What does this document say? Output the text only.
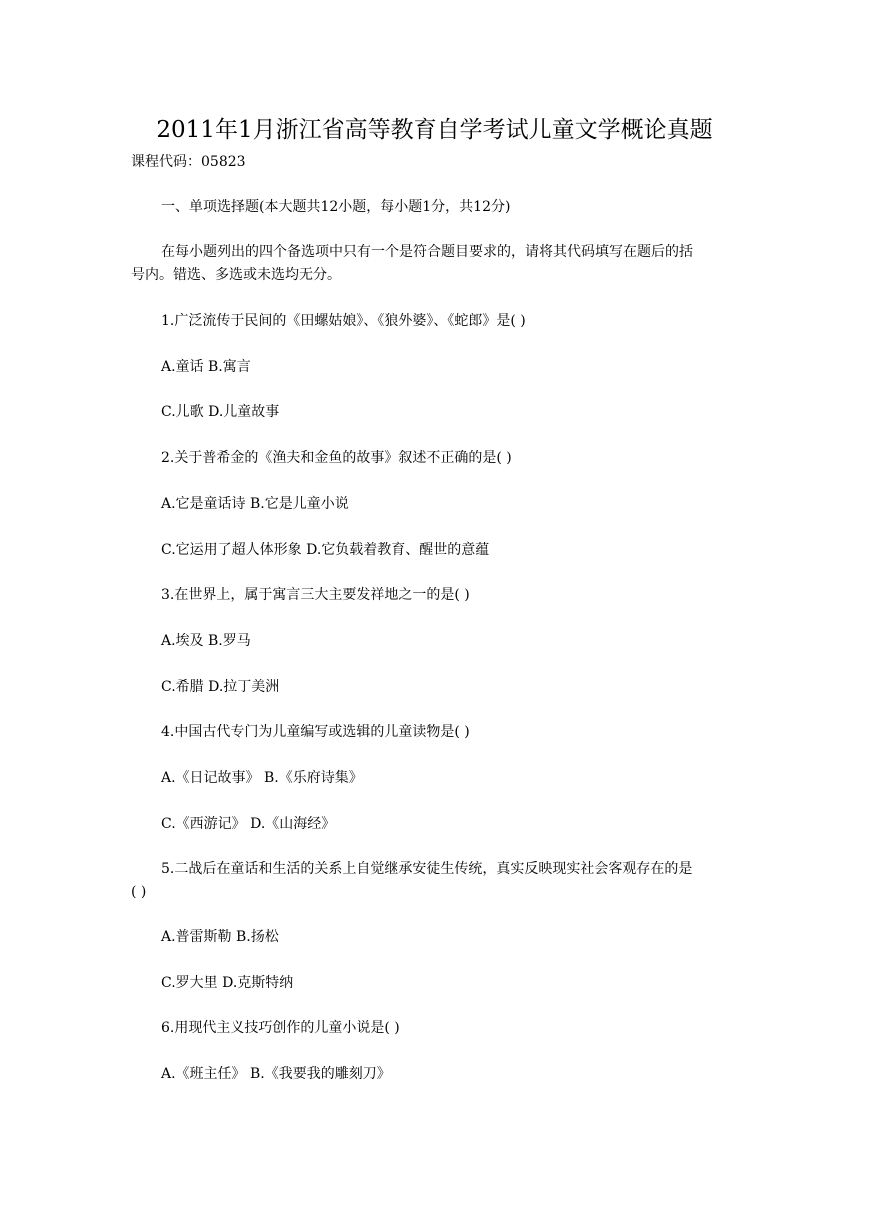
2011年1月浙江省高等教育自学考试儿童文学概论真题
课程代码：05823
一、单项选择题(本大题共12小题，每小题1分，共12分)
在每小题列出的四个备选项中只有一个是符合题目要求的，请将其代码填写在题后的括
号内。错选、多选或未选均无分。
1.广泛流传于民间的《田螺姑娘》、《狼外婆》、《蛇郎》是( )
A.童话 B.寓言
C.儿歌 D.儿童故事
2.关于普希金的《渔夫和金鱼的故事》叙述不正确的是( )
A.它是童话诗 B.它是儿童小说
C.它运用了超人体形象 D.它负载着教育、醒世的意蕴
3.在世界上，属于寓言三大主要发祥地之一的是( )
A.埃及 B.罗马
C.希腊 D.拉丁美洲
4.中国古代专门为儿童编写或选辑的儿童读物是( )
A.《日记故事》 B.《乐府诗集》
C.《西游记》 D.《山海经》
5.二战后在童话和生活的关系上自觉继承安徒生传统，真实反映现实社会客观存在的是
( )
A.普雷斯勒 B.扬松
C.罗大里 D.克斯特纳
6.用现代主义技巧创作的儿童小说是( )
A.《班主任》 B.《我要我的雕刻刀》
